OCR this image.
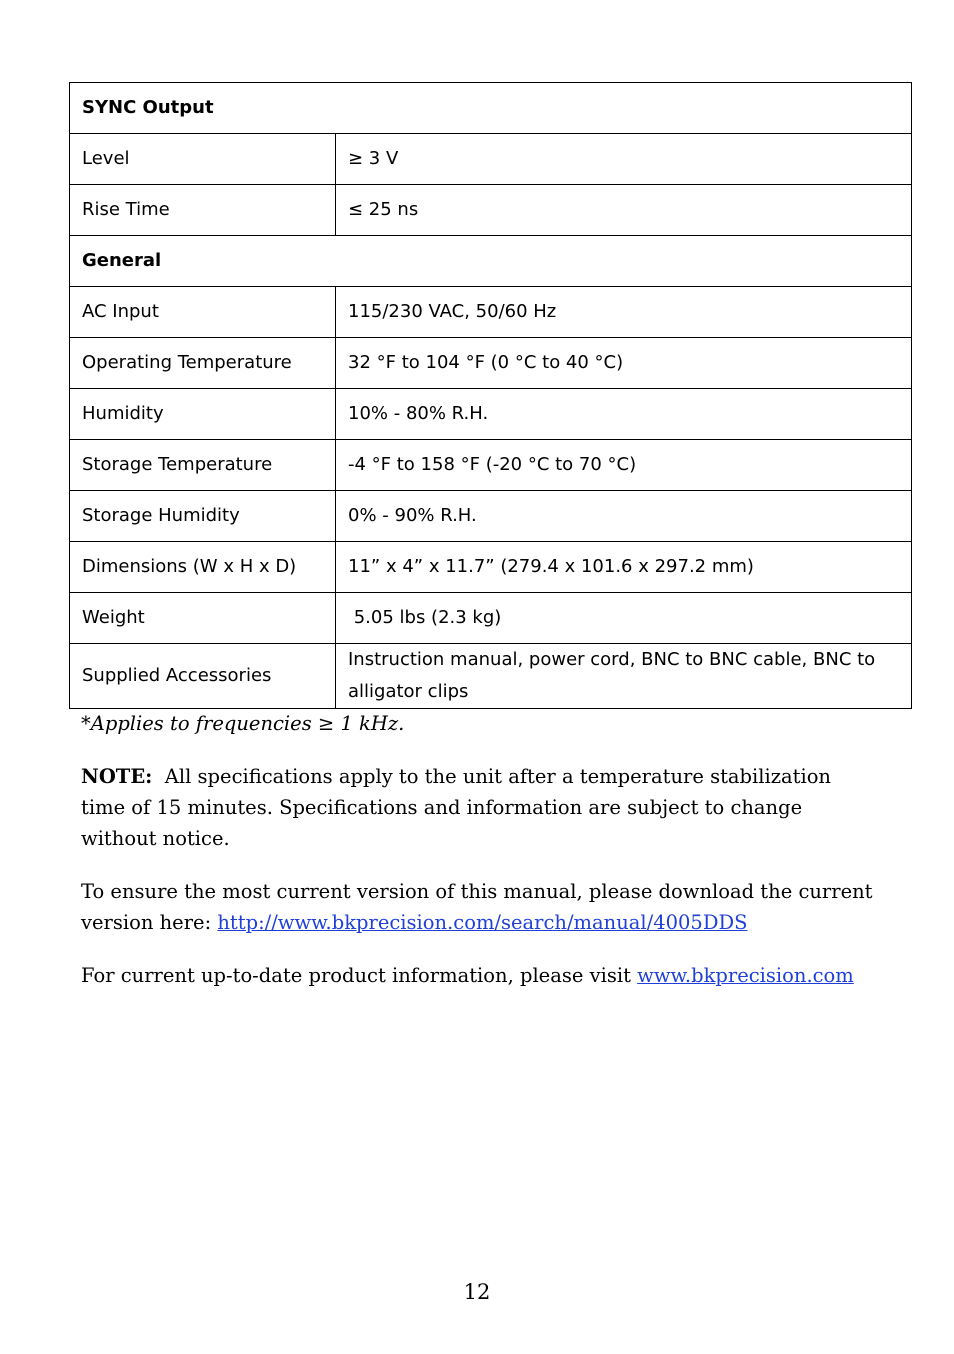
SYNC Output	
Level	≥ 3 V
Rise Time	≤ 25 ns
General	
AC Input	115/230 VAC, 50/60 Hz
Operating Temperature	32 °F to 104 °F (0 °C to 40 °C)
Humidity	10% - 80% R.H.
Storage Temperature	-4 °F to 158 °F (-20 °C to 70 °C)
Storage Humidity	0% - 90% R.H.
Dimensions (W x H x D)	11” x 4” x 11.7” (279.4 x 101.6 x 297.2 mm)
Weight	5.05 lbs (2.3 kg)
Supplied Accessories	Instruction manual, power cord, BNC to BNC cable, BNC to alligator clips
*Applies to frequencies ≥ 1 kHz.
NOTE: All specifications apply to the unit after a temperature stabilization time of 15 minutes. Specifications and information are subject to change without notice.
To ensure the most current version of this manual, please download the current version here: http://www.bkprecision.com/search/manual/4005DDS
For current up-to-date product information, please visit www.bkprecision.com
12
